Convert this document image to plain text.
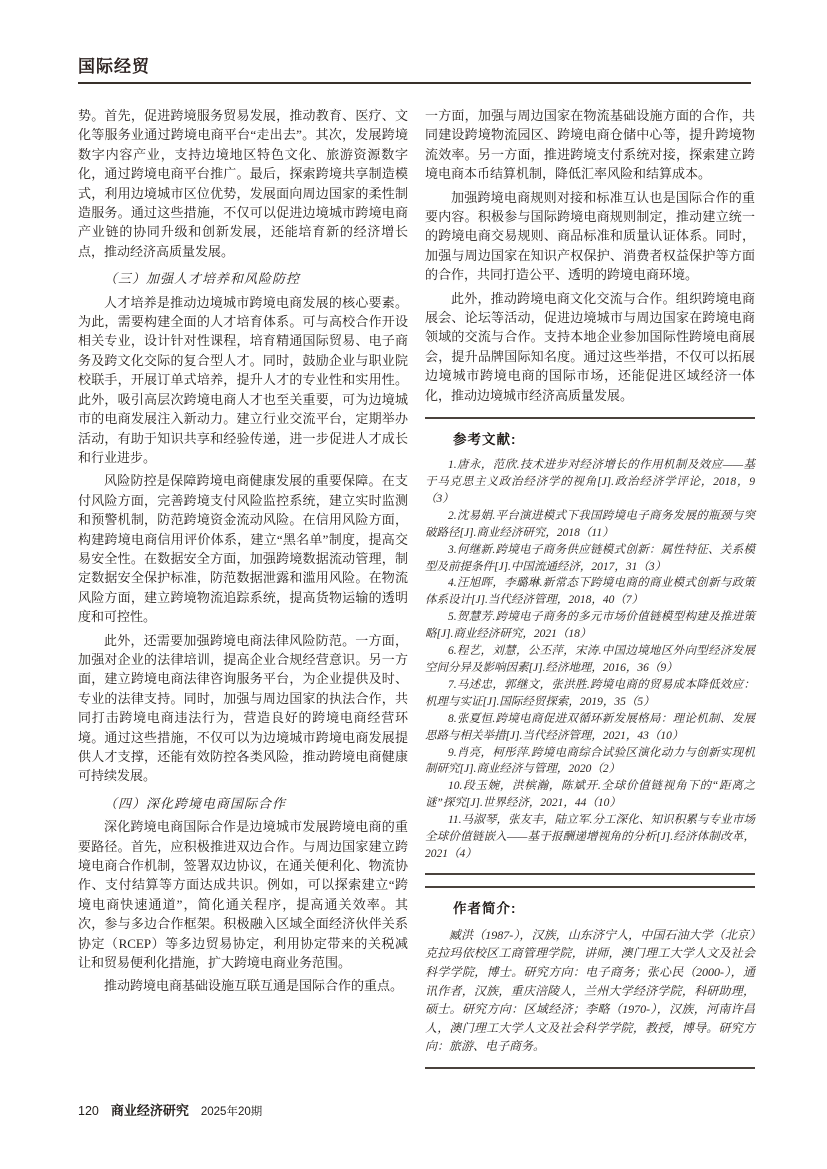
国际经贸

势。首先，促进跨境服务贸易发展，推动教育、医疗、文化等服务业通过跨境电商平台“走出去”。其次，发展跨境数字内容产业，支持边境地区特色文化、旅游资源数字化，通过跨境电商平台推广。最后，探索跨境共享制造模式，利用边境城市区位优势，发展面向周边国家的柔性制造服务。通过这些措施，不仅可以促进边境城市跨境电商产业链的协同升级和创新发展，还能培育新的经济增长点，推动经济高质量发展。

（三）加强人才培养和风险防控

人才培养是推动边境城市跨境电商发展的核心要素。为此，需要构建全面的人才培育体系。可与高校合作开设相关专业，设计针对性课程，培育精通国际贸易、电子商务及跨文化交际的复合型人才。同时，鼓励企业与职业院校联手，开展订单式培养，提升人才的专业性和实用性。此外，吸引高层次跨境电商人才也至关重要，可为边境城市的电商发展注入新动力。建立行业交流平台，定期举办活动，有助于知识共享和经验传递，进一步促进人才成长和行业进步。

风险防控是保障跨境电商健康发展的重要保障。在支付风险方面，完善跨境支付风险监控系统，建立实时监测和预警机制，防范跨境资金流动风险。在信用风险方面，构建跨境电商信用评价体系，建立“黑名单”制度，提高交易安全性。在数据安全方面，加强跨境数据流动管理，制定数据安全保护标准，防范数据泄露和滥用风险。在物流风险方面，建立跨境物流追踪系统，提高货物运输的透明度和可控性。

此外，还需要加强跨境电商法律风险防范。一方面，加强对企业的法律培训，提高企业合规经营意识。另一方面，建立跨境电商法律咨询服务平台，为企业提供及时、专业的法律支持。同时，加强与周边国家的执法合作，共同打击跨境电商违法行为，营造良好的跨境电商经营环境。通过这些措施，不仅可以为边境城市跨境电商发展提供人才支撑，还能有效防控各类风险，推动跨境电商健康可持续发展。

（四）深化跨境电商国际合作

深化跨境电商国际合作是边境城市发展跨境电商的重要路径。首先，应积极推进双边合作。与周边国家建立跨境电商合作机制，签署双边协议，在通关便利化、物流协作、支付结算等方面达成共识。例如，可以探索建立“跨境电商快速通道”，简化通关程序，提高通关效率。其次，参与多边合作框架。积极融入区域全面经济伙伴关系协定（RCEP）等多边贸易协定，利用协定带来的关税减让和贸易便利化措施，扩大跨境电商业务范围。

推动跨境电商基础设施互联互通是国际合作的重点。

一方面，加强与周边国家在物流基础设施方面的合作，共同建设跨境物流园区、跨境电商仓储中心等，提升跨境物流效率。另一方面，推进跨境支付系统对接，探索建立跨境电商本币结算机制，降低汇率风险和结算成本。

加强跨境电商规则对接和标准互认也是国际合作的重要内容。积极参与国际跨境电商规则制定，推动建立统一的跨境电商交易规则、商品标准和质量认证体系。同时，加强与周边国家在知识产权保护、消费者权益保护等方面的合作，共同打造公平、透明的跨境电商环境。

此外，推动跨境电商文化交流与合作。组织跨境电商展会、论坛等活动，促进边境城市与周边国家在跨境电商领域的交流与合作。支持本地企业参加国际性跨境电商展会，提升品牌国际知名度。通过这些举措，不仅可以拓展边境城市跨境电商的国际市场，还能促进区域经济一体化，推动边境城市经济高质量发展。

参考文献:

1.唐永，范欣.技术进步对经济增长的作用机制及效应——基于马克思主义政治经济学的视角[J].政治经济学评论，2018，9（3）

2.沈易娟.平台演进模式下我国跨境电子商务发展的瓶颈与突破路径[J].商业经济研究，2018（11）

3.何继新.跨境电子商务供应链模式创新：属性特征、关系模型及前提条件[J].中国流通经济，2017，31（3）

4.汪旭晖，李璐琳.新常态下跨境电商的商业模式创新与政策体系设计[J].当代经济管理，2018，40（7）

5.贺慧芳.跨境电子商务的多元市场价值链模型构建及推进策略[J].商业经济研究，2021（18）

6.程艺，刘慧，公丕萍，宋涛.中国边境地区外向型经济发展空间分异及影响因素[J].经济地理，2016，36（9）

7.马述忠，郭继文，张洪胜.跨境电商的贸易成本降低效应：机理与实证[J].国际经贸探索，2019，35（5）

8.张夏恒.跨境电商促进双循环新发展格局：理论机制、发展思路与相关举措[J].当代经济管理，2021，43（10）

9.肖亮，柯彤萍.跨境电商综合试验区演化动力与创新实现机制研究[J].商业经济与管理，2020（2）

10.段玉婉，洪槟瀚，陈斌开.全球价值链视角下的“距离之谜”探究[J].世界经济，2021，44（10）

11.马淑琴，张友丰，陆立军.分工深化、知识积累与专业市场全球价值链嵌入——基于报酬递增视角的分析[J].经济体制改革，2021（4）

作者简介:

臧洪（1987-），汉族，山东济宁人，中国石油大学（北京）克拉玛依校区工商管理学院，讲师，澳门理工大学人文及社会科学学院，博士。研究方向：电子商务；张心民（2000-），通讯作者，汉族，重庆涪陵人，兰州大学经济学院，科研助理，硕士。研究方向：区域经济；李略（1970-），汉族，河南许昌人，澳门理工大学人文及社会科学学院，教授，博导。研究方向：旅游、电子商务。

120 商业经济研究 2025年20期
